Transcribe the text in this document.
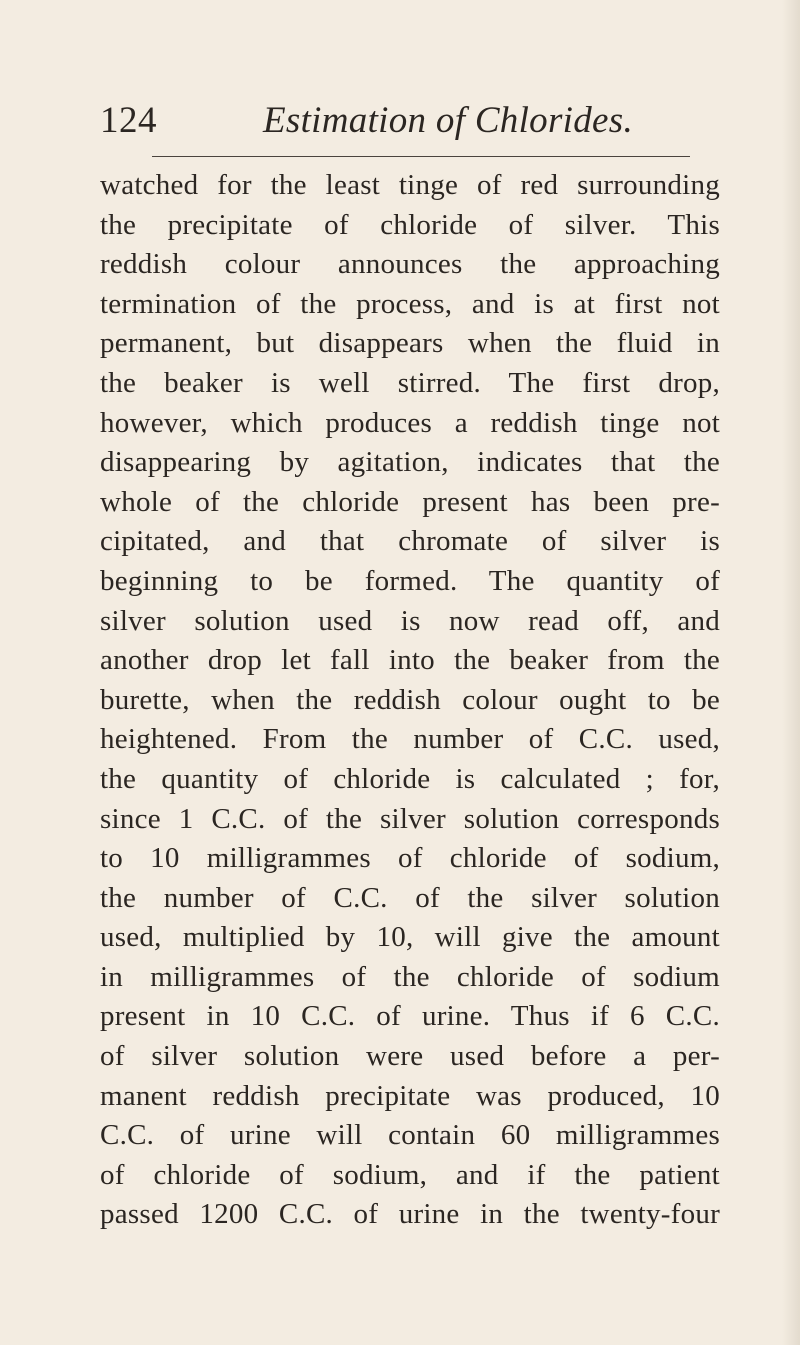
124	Estimation of Chlorides.
watched for the least tinge of red surrounding
the precipitate of chloride of silver. This
reddish colour announces the approaching
termination of the process, and is at first not
permanent, but disappears when the fluid in
the beaker is well stirred. The first drop,
however, which produces a reddish tinge not
disappearing by agitation, indicates that the
whole of the chloride present has been pre-
cipitated, and that chromate of silver is
beginning to be formed. The quantity of
silver solution used is now read off, and
another drop let fall into the beaker from the
burette, when the reddish colour ought to be
heightened. From the number of C.C. used,
the quantity of chloride is calculated ; for,
since 1 C.C. of the silver solution corresponds
to 10 milligrammes of chloride of sodium,
the number of C.C. of the silver solution
used, multiplied by 10, will give the amount
in milligrammes of the chloride of sodium
present in 10 C.C. of urine. Thus if 6 C.C.
of silver solution were used before a per-
manent reddish precipitate was produced, 10
C.C. of urine will contain 60 milligrammes
of chloride of sodium, and if the patient
passed 1200 C.C. of urine in the twenty-four
